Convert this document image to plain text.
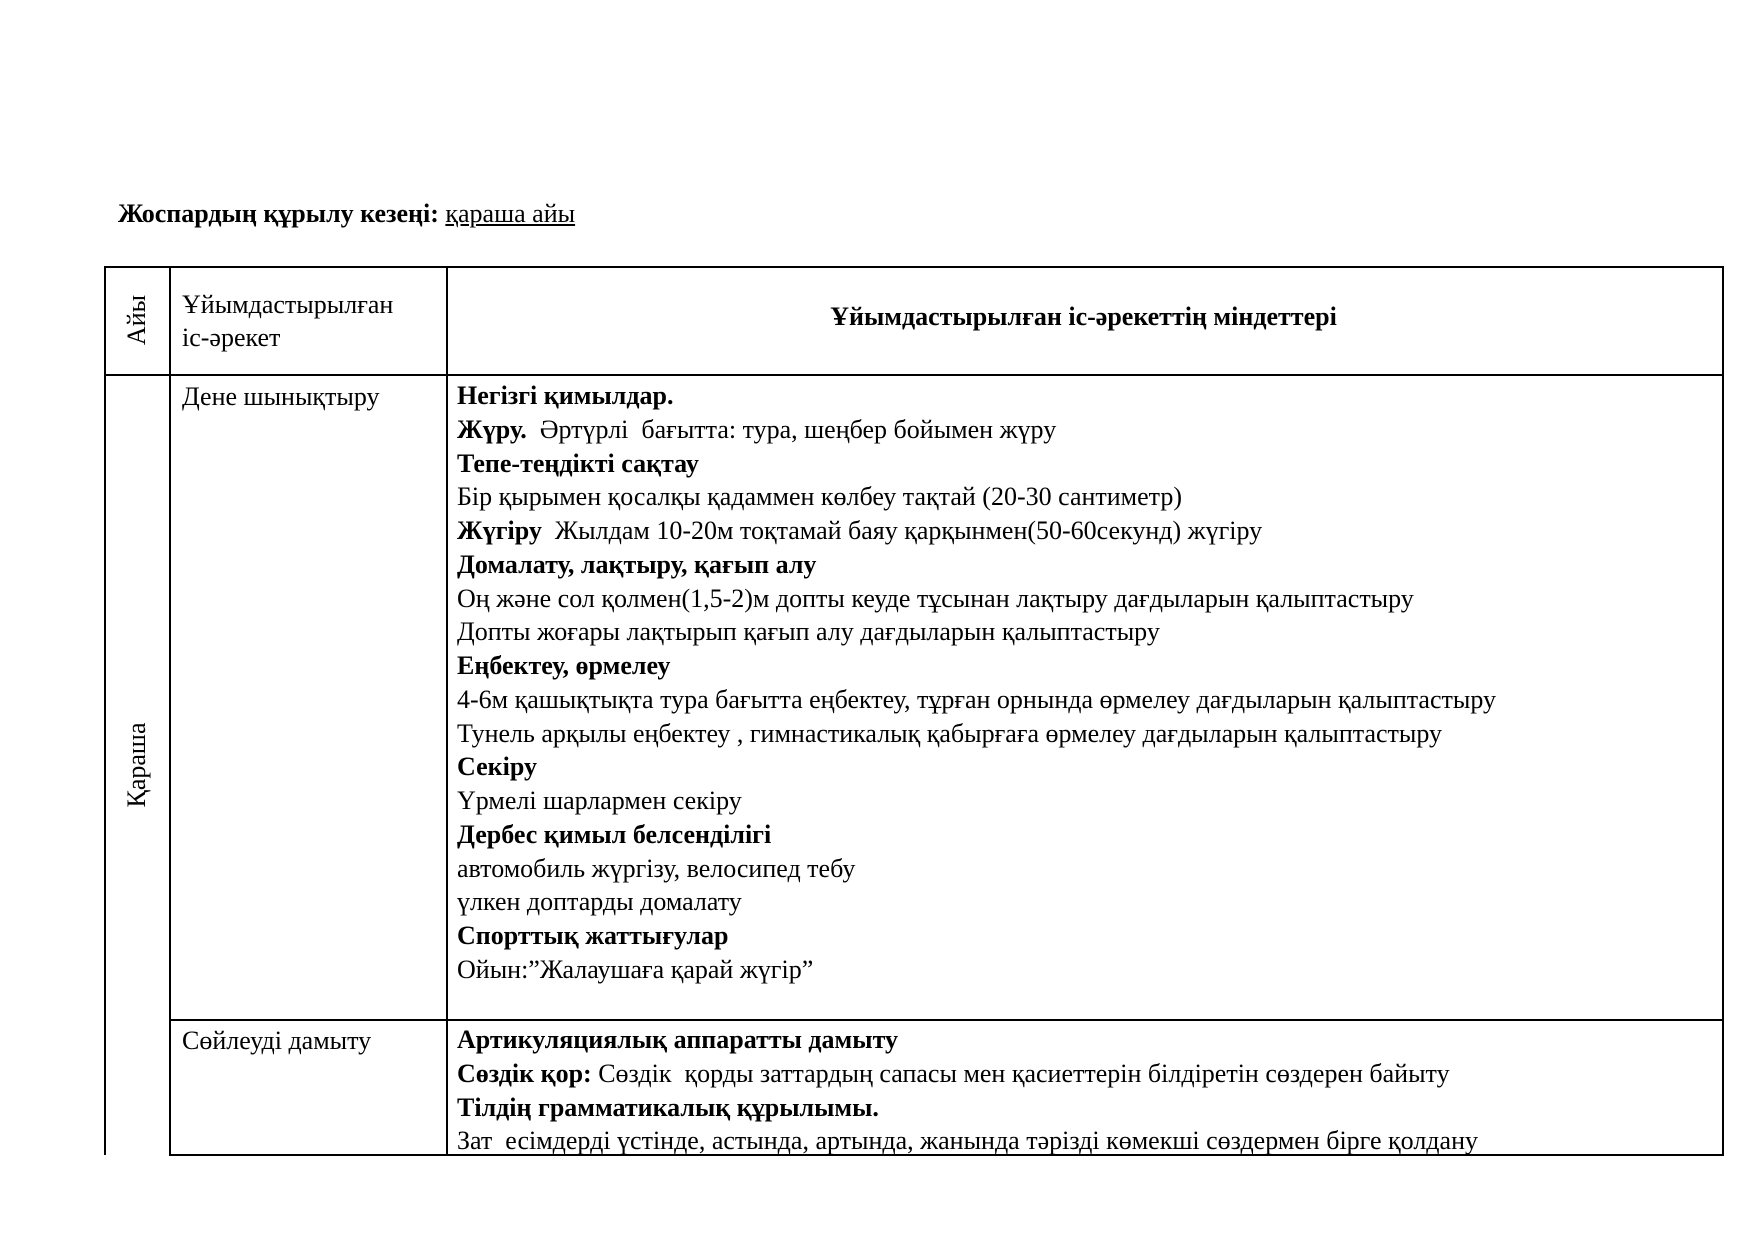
Жоспардың құрылу кезеңі: қараша айы
Айы Ұйымдастырылған
іс-әрекет
Ұйымдастырылған іс-әрекеттің міндеттері
Қараша
Дене шынықтыру	Негізгі қимылдар.
Жүру.  Әртүрлі  бағытта: тура, шеңбер бойымен жүру
Тепе-теңдікті сақтау
Бір қырымен қосалқы қадаммен көлбеу тақтай (20-30 сантиметр)
Жүгіру  Жылдам 10-20м тоқтамай баяу қарқынмен(50-60секунд) жүгіру
Домалату, лақтыру, қағып алу
Оң және сол қолмен(1,5-2)м допты кеуде тұсынан лақтыру дағдыларын қалыптастыру
Допты жоғары лақтырып қағып алу дағдыларын қалыптастыру
Еңбектеу, өрмелеу
4-6м қашықтықта тура бағытта еңбектеу, тұрған орнында өрмелеу дағдыларын қалыптастыру
Тунель арқылы еңбектеу , гимнастикалық қабырғаға өрмелеу дағдыларын қалыптастыру
Секіру
Үрмелі шарлармен секіру
Дербес қимыл белсенділігі
автомобиль жүргізу, велосипед тебу
үлкен доптарды домалату
Спорттық жаттығулар
Ойын:”Жалаушаға қарай жүгір”
Сөйлеуді дамыту	Артикуляциялық аппаратты дамыту
Сөздік қор: Сөздік  қорды заттардың сапасы мен қасиеттерін білдіретін сөздерен байыту
Тілдің грамматикалық құрылымы.
Зат  есімдерді үстінде, астында, артында, жанында тәрізді көмекші сөздермен бірге қолдану
